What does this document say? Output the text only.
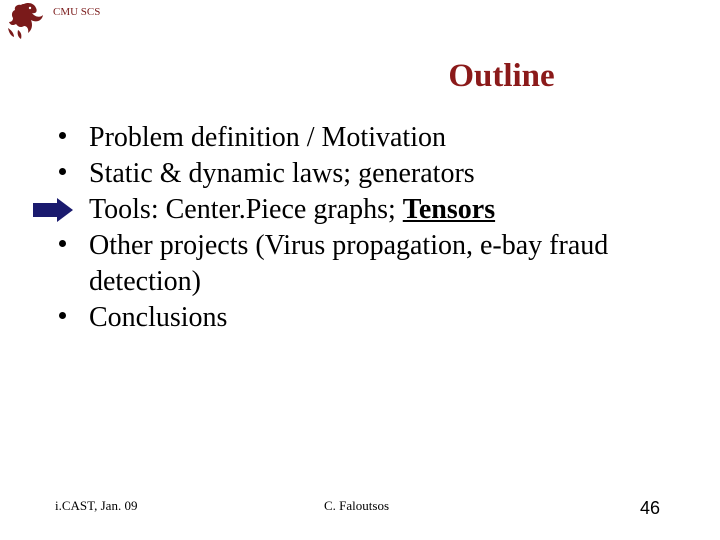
CMU SCS
Outline
Problem definition / Motivation
Static & dynamic laws; generators
Tools: Center.Piece graphs; Tensors
Other projects (Virus propagation, e-bay fraud detection)
Conclusions
i.CAST, Jan. 09	C. Faloutsos	46
